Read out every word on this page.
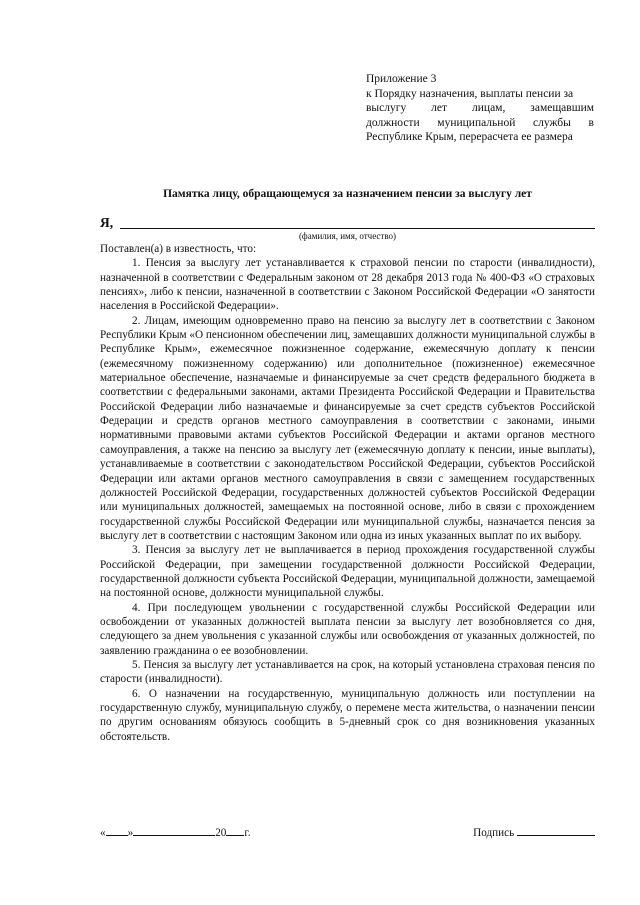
Приложение 3
к Порядку назначения, выплаты пенсии за
выслугу лет лицам, замещавшим
должности муниципальной службы в
Республике Крым, перерасчета ее размера
Памятка лицу, обращающемуся за назначением пенсии за выслугу лет
Я,
(фамилия, имя, отчество)

Поставлен(а) в известность, что:

1. Пенсия за выслугу лет устанавливается к страховой пенсии по старости (инвалидности), назначенной в соответствии с Федеральным законом от 28 декабря 2013 года № 400-ФЗ «О страховых пенсиях», либо к пенсии, назначенной в соответствии с Законом Российской Федерации «О занятости населения в Российской Федерации».

2. Лицам, имеющим одновременно право на пенсию за выслугу лет в соответствии с Законом Республики Крым «О пенсионном обеспечении лиц, замещавших должности муниципальной службы в Республике Крым», ежемесячное пожизненное содержание, ежемесячную доплату к пенсии (ежемесячному пожизненному содержанию) или дополнительное (пожизненное) ежемесячное материальное обеспечение, назначаемые и финансируемые за счет средств федерального бюджета в соответствии с федеральными законами, актами Президента Российской Федерации и Правительства Российской Федерации либо назначаемые и финансируемые за счет средств субъектов Российской Федерации и средств органов местного самоуправления в соответствии с законами, иными нормативными правовыми актами субъектов Российской Федерации и актами органов местного самоуправления, а также на пенсию за выслугу лет (ежемесячную доплату к пенсии, иные выплаты), устанавливаемые в соответствии с законодательством Российской Федерации, субъектов Российской Федерации или актами органов местного самоуправления в связи с замещением государственных должностей Российской Федерации, государственных должностей субъектов Российской Федерации или муниципальных должностей, замещаемых на постоянной основе, либо в связи с прохождением государственной службы Российской Федерации или муниципальной службы, назначается пенсия за выслугу лет в соответствии с настоящим Законом или одна из иных указанных выплат по их выбору.

3. Пенсия за выслугу лет не выплачивается в период прохождения государственной службы Российской Федерации, при замещении государственной должности Российской Федерации, государственной должности субъекта Российской Федерации, муниципальной должности, замещаемой на постоянной основе, должности муниципальной службы.

4. При последующем увольнении с государственной службы Российской Федерации или освобождении от указанных должностей выплата пенсии за выслугу лет возобновляется со дня, следующего за днем увольнения с указанной службы или освобождения от указанных должностей, по заявлению гражданина о ее возобновлении.

5. Пенсия за выслугу лет устанавливается на срок, на который установлена страховая пенсия по старости (инвалидности).

6. О назначении на государственную, муниципальную должность или поступлении на государственную службу, муниципальную службу, о перемене места жительства, о назначении пенсии по другим основаниям обязуюсь сообщить в 5-дневный срок со дня возникновения указанных обстоятельств.

« »	20 г.	Подпись
